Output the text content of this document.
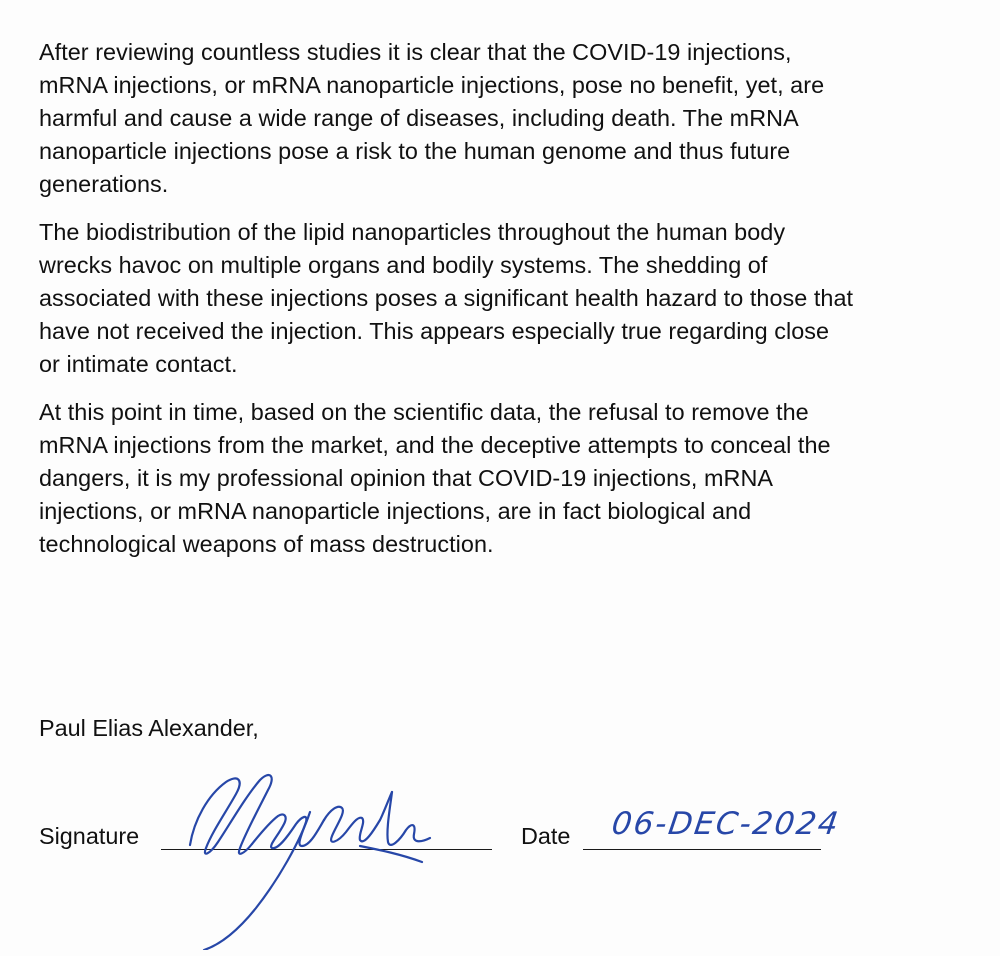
After reviewing countless studies it is clear that the COVID-19 injections,
mRNA injections, or mRNA nanoparticle injections, pose no benefit, yet, are
harmful and cause a wide range of diseases, including death. The mRNA
nanoparticle injections pose a risk to the human genome and thus future
generations.

The biodistribution of the lipid nanoparticles throughout the human body
wrecks havoc on multiple organs and bodily systems. The shedding of
associated with these injections poses a significant health hazard to those that
have not received the injection. This appears especially true regarding close
or intimate contact.

At this point in time, based on the scientific data, the refusal to remove the
mRNA injections from the market, and the deceptive attempts to conceal the
dangers, it is my professional opinion that COVID-19 injections, mRNA
injections, or mRNA nanoparticle injections, are in fact biological and
technological weapons of mass destruction.

Paul Elias Alexander,
Signature	Date 06-DEC-2024
